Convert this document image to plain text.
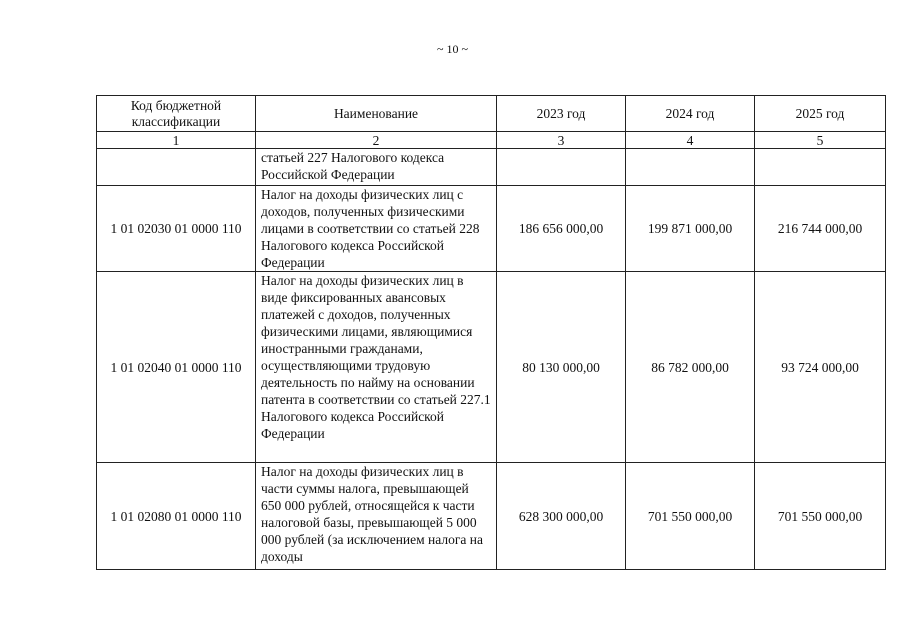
~ 10 ~
Код бюджетной классификации	Наименование	2023 год	2024 год	2025 год
1	2	3	4	5
	статьей 227 Налогового кодекса Российской Федерации			
1 01 02030 01 0000 110	Налог на доходы физических лиц с доходов, полученных физическими лицами в соответствии со статьей 228 Налогового кодекса Российской Федерации	186 656 000,00	199 871 000,00	216 744 000,00
1 01 02040 01 0000 110	Налог на доходы физических лиц в виде фиксированных авансовых платежей с доходов, полученных физическими лицами, являющимися иностранными гражданами, осуществляющими трудовую деятельность по найму на основании патента в соответствии со статьей 227.1 Налогового кодекса Российской Федерации	80 130 000,00	86 782 000,00	93 724 000,00
1 01 02080 01 0000 110	Налог на доходы физических лиц в части суммы налога, превышающей 650 000 рублей, относящейся к части налоговой базы, превышающей 5 000 000 рублей (за исключением налога на доходы	628 300 000,00	701 550 000,00	701 550 000,00
